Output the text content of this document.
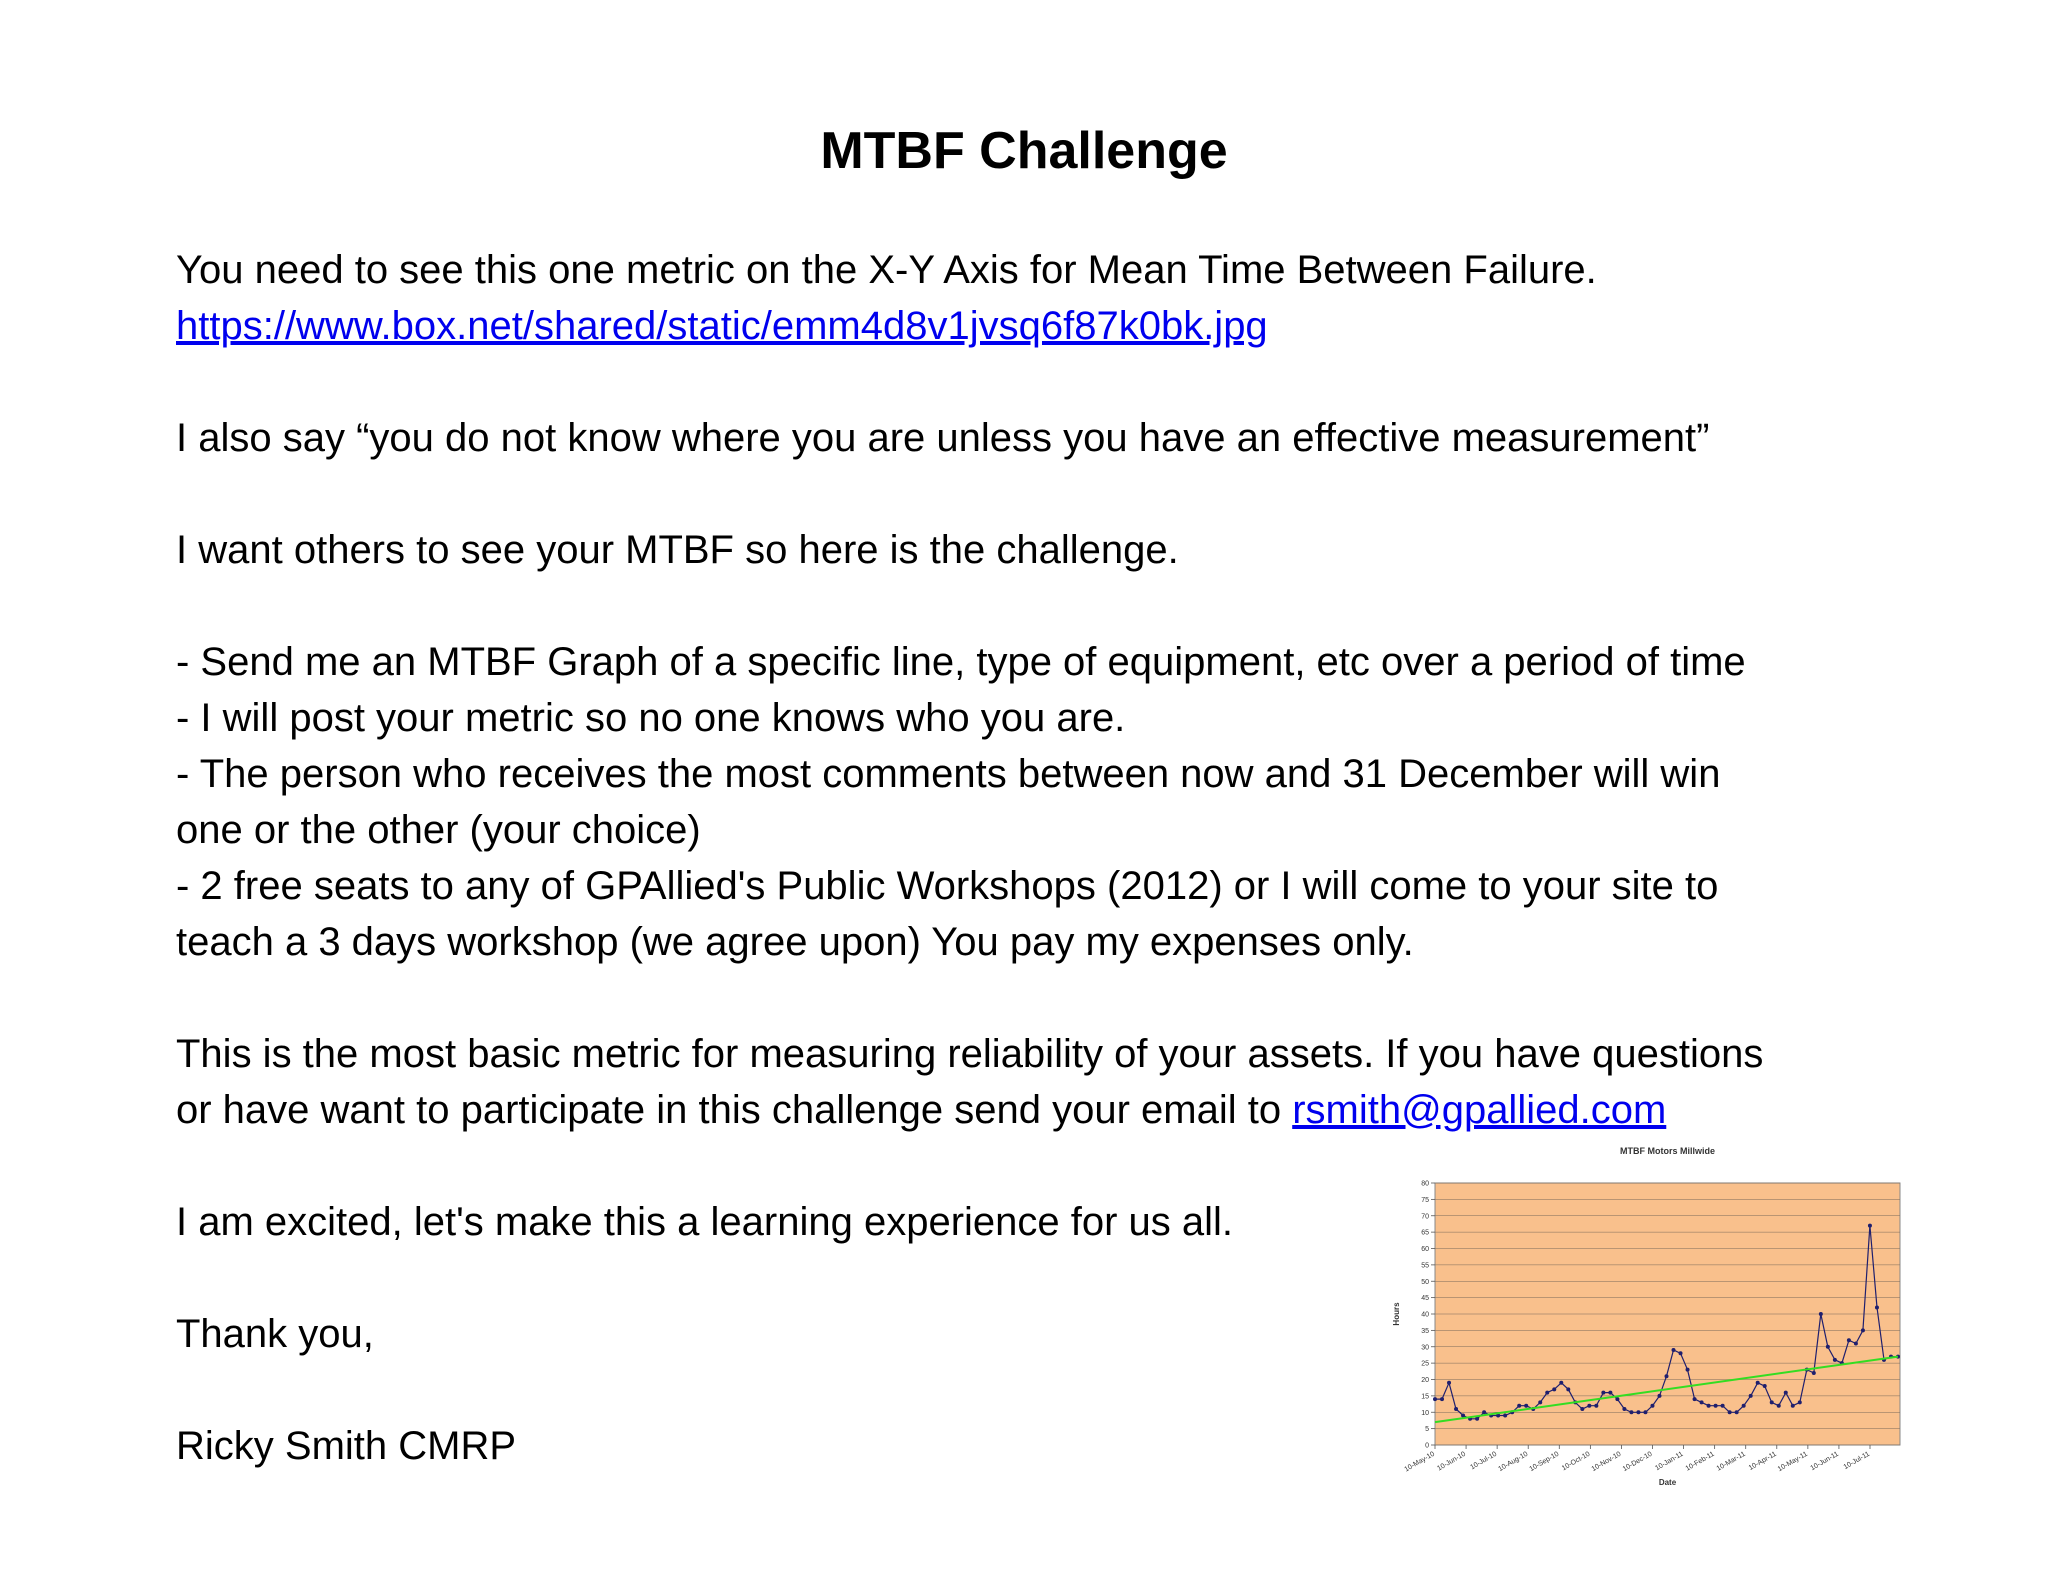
MTBF Challenge

You need to see this one metric on the X-Y Axis for Mean Time Between Failure.

https://www.box.net/shared/static/emm4d8v1jvsq6f87k0bk.jpg

I also say “you do not know where you are unless you have an effective measurement”

I want others to see your MTBF so here is the challenge.

- Send me an MTBF Graph of a specific line, type of equipment, etc over a period of time

- I will post your metric so no one knows who you are.

- The person who receives the most comments between now and 31 December will win

one or the other (your choice)

- 2 free seats to any of GPAllied's Public Workshops (2012) or I will come to your site to

teach a 3 days workshop (we agree upon) You pay my expenses only.

This is the most basic metric for measuring reliability of your assets. If you have questions

or have want to participate in this challenge send your email to rsmith@gpallied.com

I am excited, let's make this a learning experience for us all.

Thank you,

Ricky Smith CMRP

MTBF Motors Millwide
0
5
10
15
20
25
30
35
40
45
50
55
60
65
70
75
80
Hours
Date
10-May-10 10-Jun-10 10-Jul-10 10-Aug-10 10-Sep-10 10-Oct-10 10-Nov-10 10-Dec-10 10-Jan-11 10-Feb-11 10-Mar-11 10-Apr-11 10-May-11 10-Jun-11 10-Jul-11
